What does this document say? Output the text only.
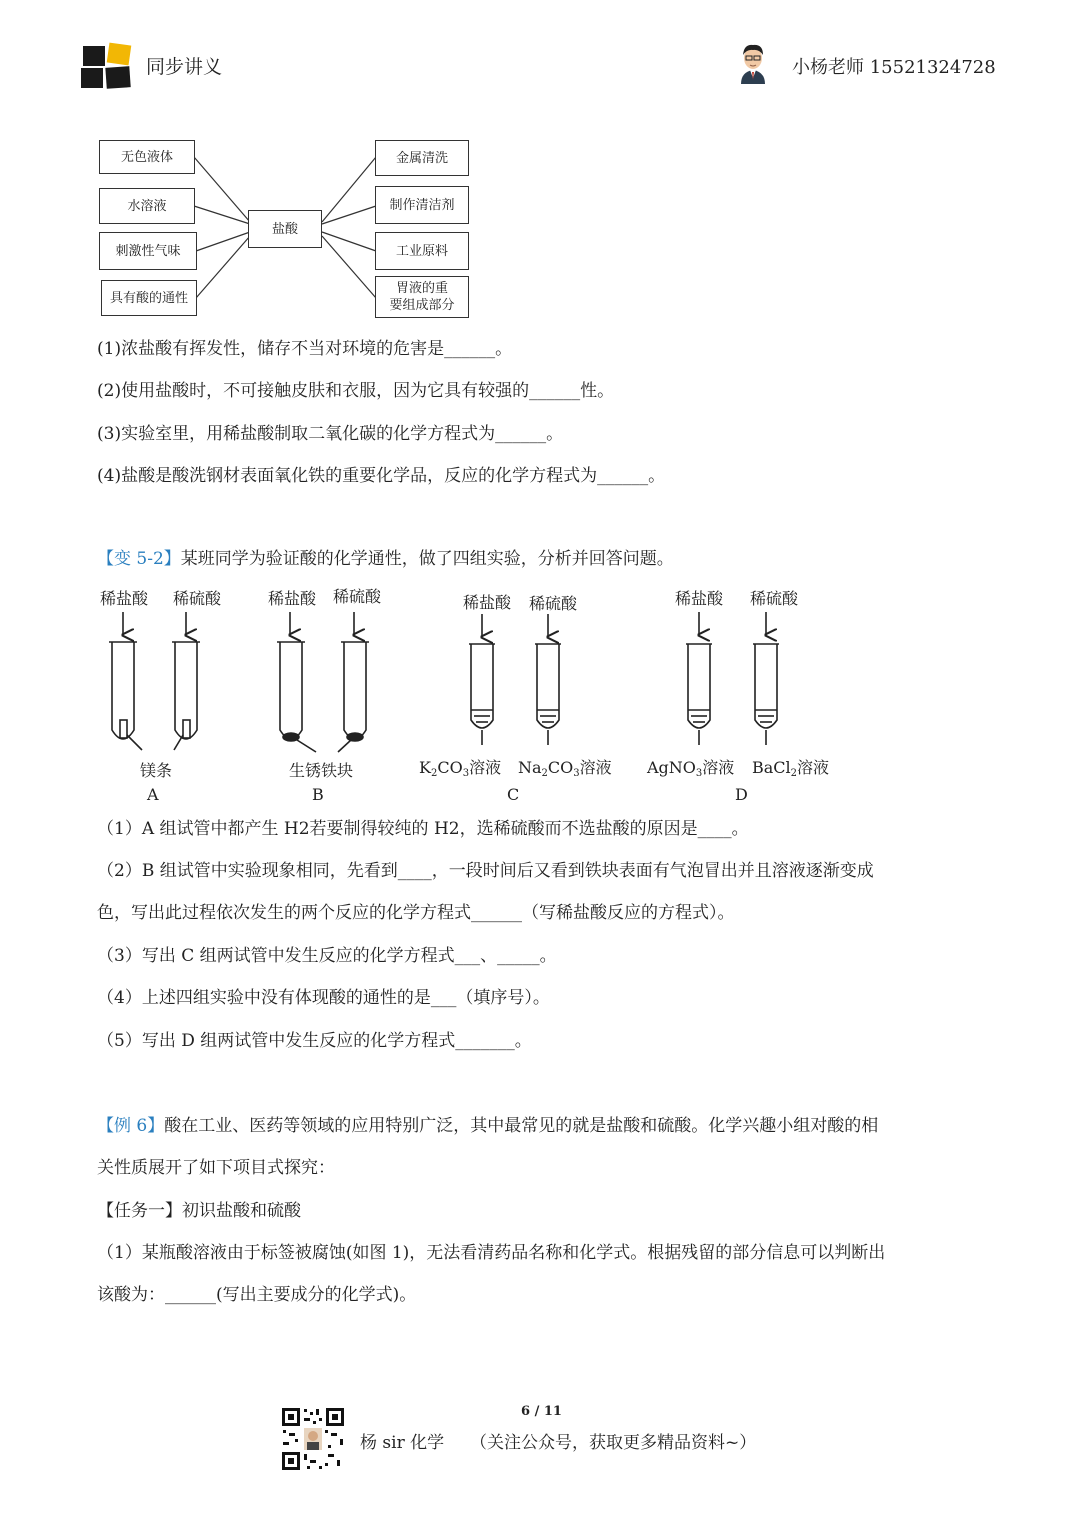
同步讲义	小杨老师 15521324728
无色液体
水溶液
刺激性气味
具有酸的通性
盐酸
金属清洗
制作清洁剂
工业原料
胃液的重
要组成部分
(1)浓盐酸有挥发性，储存不当对环境的危害是______。
(2)使用盐酸时，不可接触皮肤和衣服，因为它具有较强的______性。
(3)实验室里，用稀盐酸制取二氧化碳的化学方程式为______。
(4)盐酸是酸洗钢材表面氧化铁的重要化学品，反应的化学方程式为______。
【变 5-2】某班同学为验证酸的化学通性，做了四组实验，分析并回答问题。
稀盐酸 稀硫酸	稀盐酸 稀硫酸	稀盐酸 稀硫酸	稀盐酸 稀硫酸
镁条	生锈铁块	$K_2CO_3$溶液 $Na_2CO_3$溶液 AgNO$_3$溶液 BaCl$_2$溶液
A	B	C	D
（1）A 组试管中都产生 H2若要制得较纯的 H2，选稀硫酸而不选盐酸的原因是____。
（2）B 组试管中实验现象相同，先看到____，一段时间后又看到铁块表面有气泡冒出并且溶液逐渐变成
色，写出此过程依次发生的两个反应的化学方程式______（写稀盐酸反应的方程式）。
（3）写出 C 组两试管中发生反应的化学方程式___、_____。
（4）上述四组实验中没有体现酸的通性的是___（填序号）。
（5）写出 D 组两试管中发生反应的化学方程式_______。
【例 6】酸在工业、医药等领域的应用特别广泛，其中最常见的就是盐酸和硫酸。化学兴趣小组对酸的相
关性质展开了如下项目式探究：
【任务一】初识盐酸和硫酸
（1）某瓶酸溶液由于标签被腐蚀(如图 1)，无法看清药品名称和化学式。根据残留的部分信息可以判断出
该酸为：______(写出主要成分的化学式)。
6 / 11
杨 sir 化学 （关注公众号，获取更多精品资料~）
